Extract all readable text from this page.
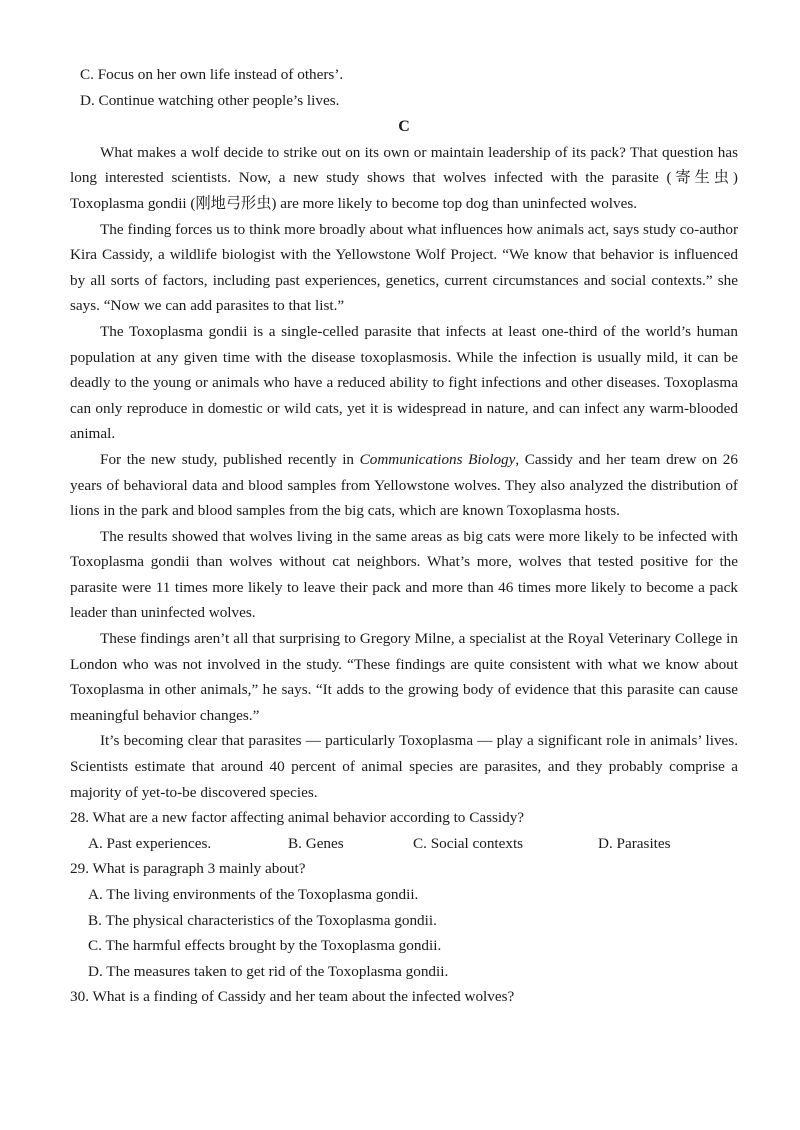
C. Focus on her own life instead of others’.

D. Continue watching other people’s lives.

C

What makes a wolf decide to strike out on its own or maintain leadership of its pack? That question has long interested scientists. Now, a new study shows that wolves infected with the parasite (寄生虫) Toxoplasma gondii (刚地弓形虫) are more likely to become top dog than uninfected wolves.

The finding forces us to think more broadly about what influences how animals act, says study co-author Kira Cassidy, a wildlife biologist with the Yellowstone Wolf Project. “We know that behavior is influenced by all sorts of factors, including past experiences, genetics, current circumstances and social contexts.” she says. “Now we can add parasites to that list.”

The Toxoplasma gondii is a single-celled parasite that infects at least one-third of the world’s human population at any given time with the disease toxoplasmosis. While the infection is usually mild, it can be deadly to the young or animals who have a reduced ability to fight infections and other diseases. Toxoplasma can only reproduce in domestic or wild cats, yet it is widespread in nature, and can infect any warm-blooded animal.

For the new study, published recently in Communications Biology, Cassidy and her team drew on 26 years of behavioral data and blood samples from Yellowstone wolves. They also analyzed the distribution of lions in the park and blood samples from the big cats, which are known Toxoplasma hosts.

The results showed that wolves living in the same areas as big cats were more likely to be infected with Toxoplasma gondii than wolves without cat neighbors. What’s more, wolves that tested positive for the parasite were 11 times more likely to leave their pack and more than 46 times more likely to become a pack leader than uninfected wolves.

These findings aren’t all that surprising to Gregory Milne, a specialist at the Royal Veterinary College in London who was not involved in the study. “These findings are quite consistent with what we know about Toxoplasma in other animals,” he says. “It adds to the growing body of evidence that this parasite can cause meaningful behavior changes.”

It’s becoming clear that parasites — particularly Toxoplasma — play a significant role in animals’ lives. Scientists estimate that around 40 percent of animal species are parasites, and they probably comprise a majority of yet-to-be discovered species.

28. What are a new factor affecting animal behavior according to Cassidy?

A. Past experiences.	B. Genes	C. Social contexts	D. Parasites

29. What is paragraph 3 mainly about?

A. The living environments of the Toxoplasma gondii.

B. The physical characteristics of the Toxoplasma gondii.

C. The harmful effects brought by the Toxoplasma gondii.

D. The measures taken to get rid of the Toxoplasma gondii.

30. What is a finding of Cassidy and her team about the infected wolves?
